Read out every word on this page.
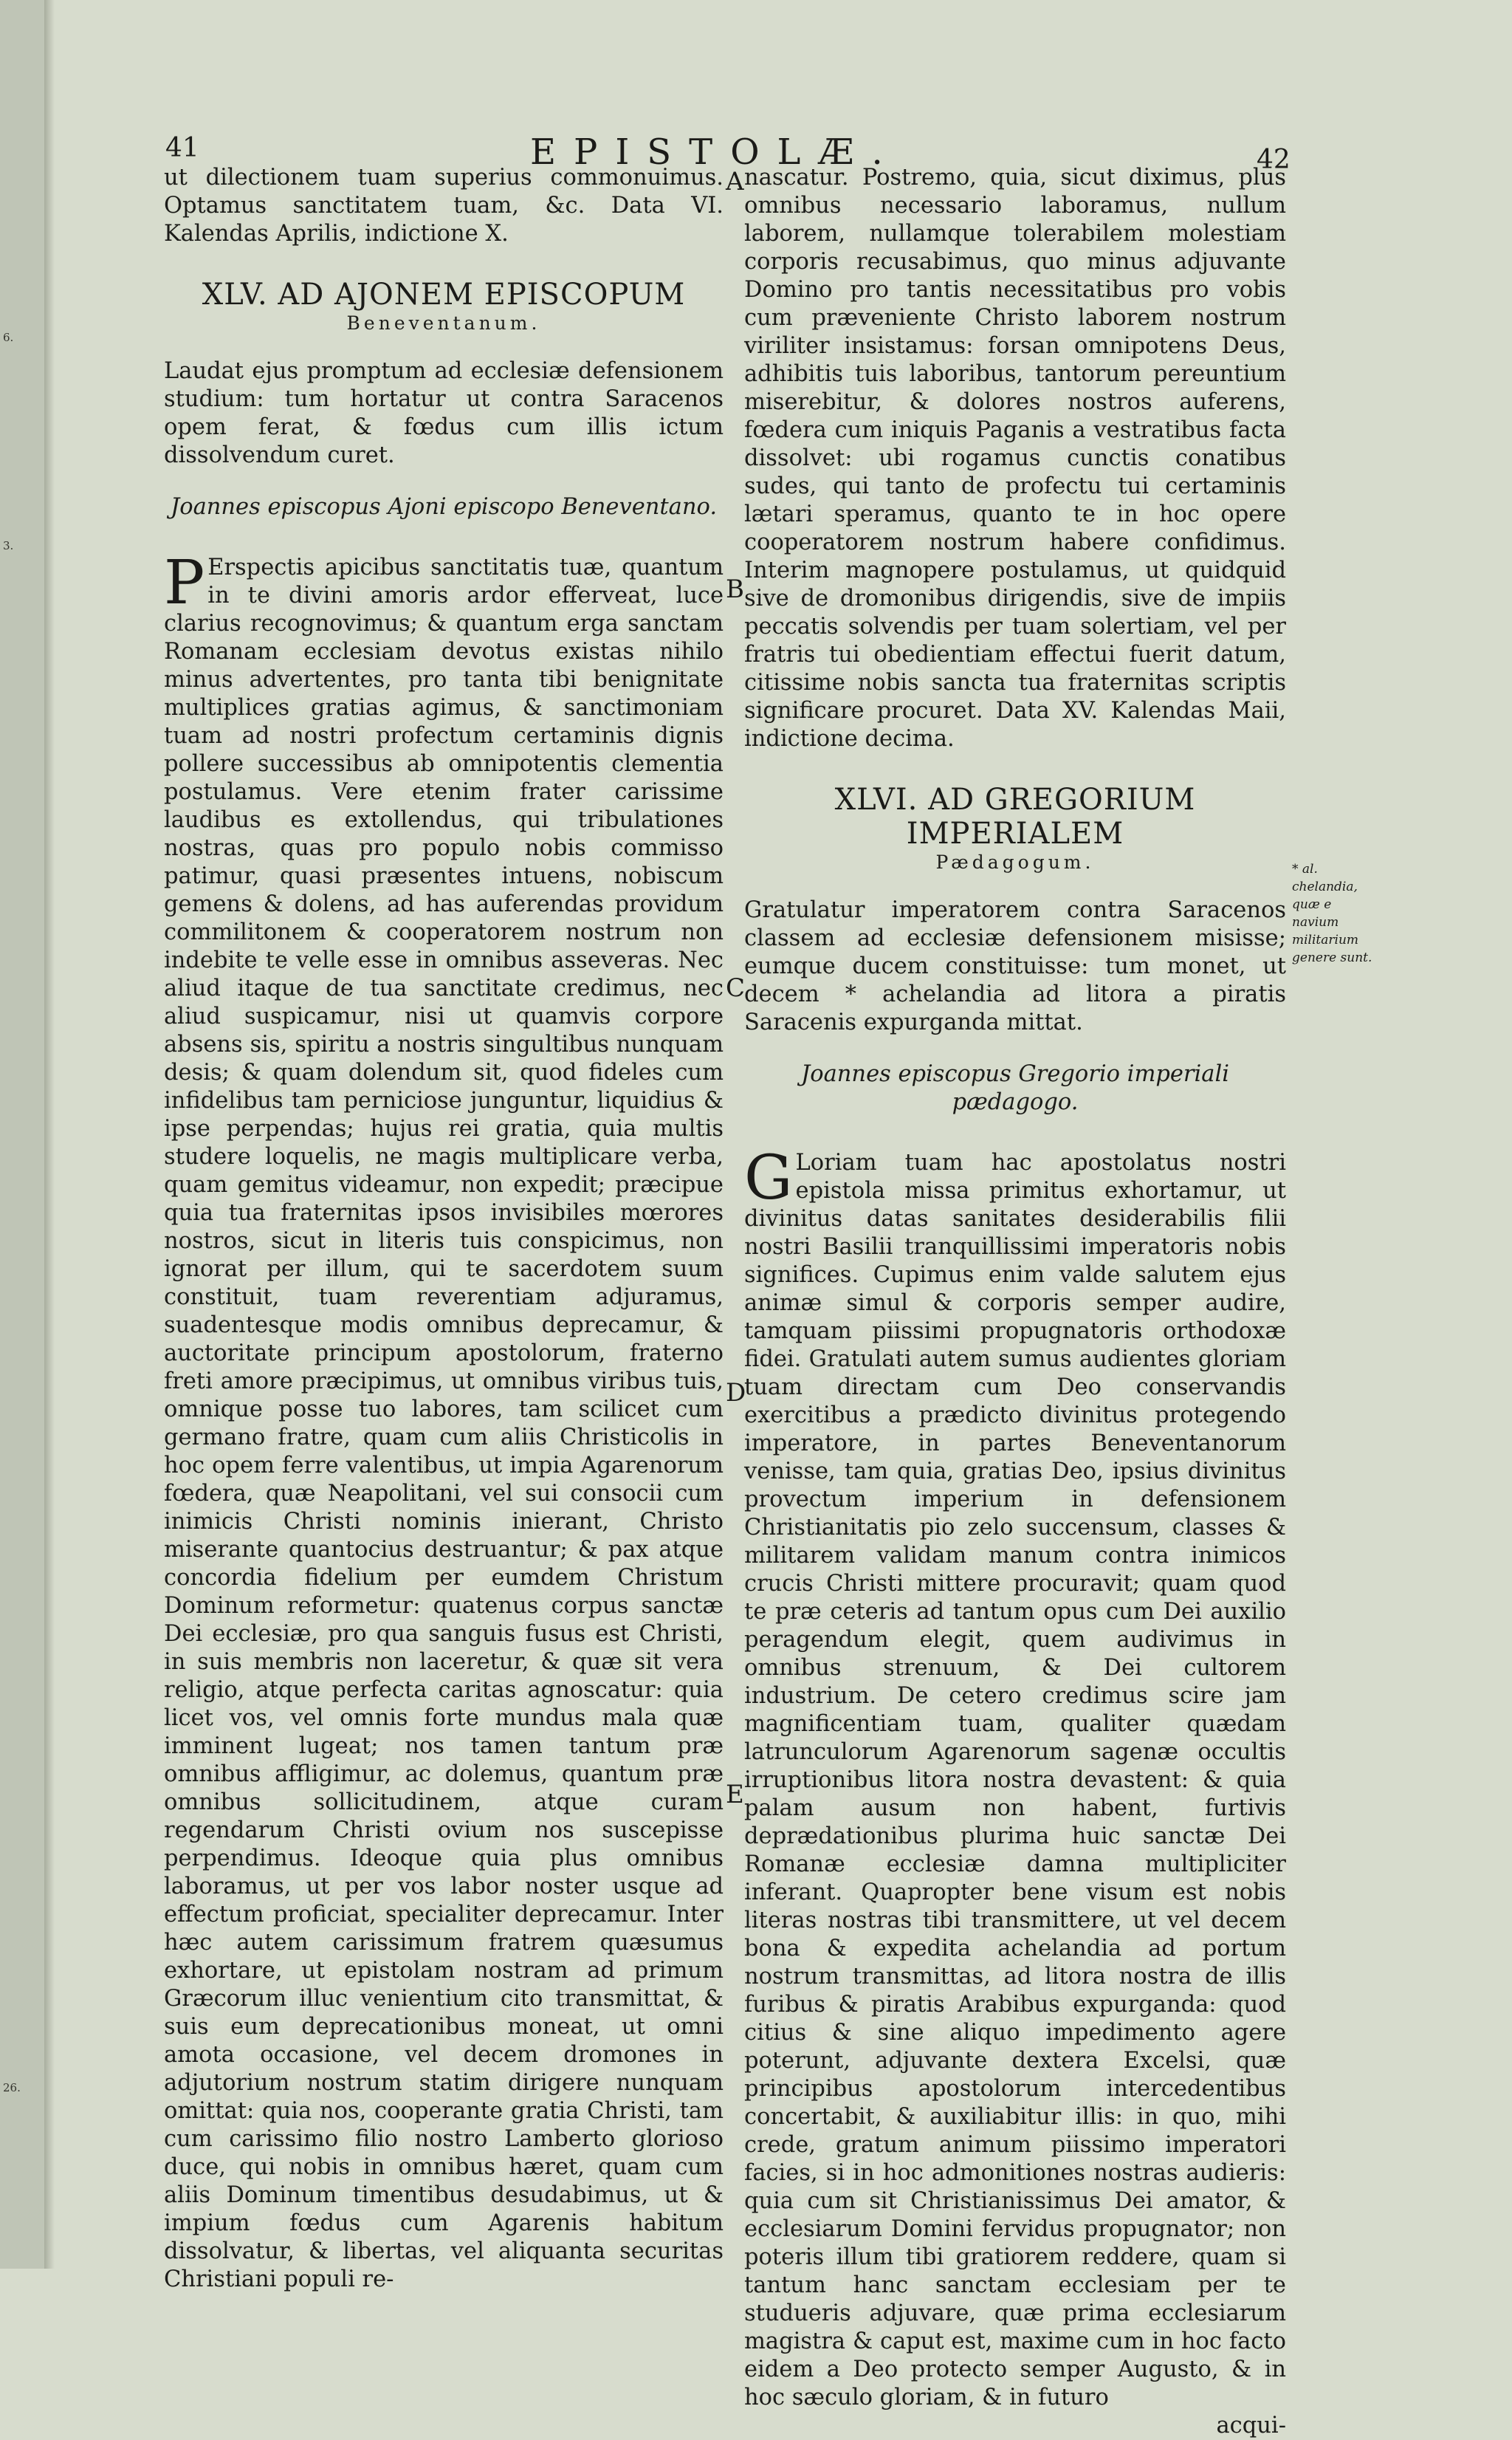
6.
3.
26.
41	EPISTOLÆ.	42

ut dilectionem tuam superius commonuimus. Optamus sanctitatem tuam, &c. Data VI. Kalendas Aprilis, indictione X.

XLV. AD AJONEM EPISCOPUM
Beneventanum.

Laudat ejus promptum ad ecclesiæ defensionem studium: tum hortatur ut contra Saracenos opem ferat, & fœdus cum illis ictum dissolvendum curet.

Joannes episcopus Ajoni episcopo Beneventano.

P Erspectis apicibus sanctitatis tuæ, quantum in te divini amoris ardor efferveat, luce clarius recognovimus; & quantum erga sanctam Romanam ecclesiam devotus existas nihilo minus advertentes, pro tanta tibi benignitate multiplices gratias agimus, & sanctimoniam tuam ad nostri profectum certaminis dignis pollere successibus ab omnipotentis clementia postulamus. Vere etenim frater carissime laudibus es extollendus, qui tribulationes nostras, quas pro populo nobis commisso patimur, quasi præsentes intuens, nobiscum gemens & dolens, ad has auferendas providum commilitonem & cooperatorem nostrum non indebite te velle esse in omnibus asseveras. Nec aliud itaque de tua sanctitate credimus, nec aliud suspicamur, nisi ut quamvis corpore absens sis, spiritu a nostris singultibus nunquam desis; & quam dolendum sit, quod fideles cum infidelibus tam perniciose junguntur, liquidius & ipse perpendas; hujus rei gratia, quia multis studere loquelis, ne magis multiplicare verba, quam gemitus videamur, non expedit; præcipue quia tua fraternitas ipsos invisibiles mœrores nostros, sicut in literis tuis conspicimus, non ignorat per illum, qui te sacerdotem suum constituit, tuam reverentiam adjuramus, suadentesque modis omnibus deprecamur, & auctoritate principum apostolorum, fraterno freti amore præcipimus, ut omnibus viribus tuis, omnique posse tuo labores, tam scilicet cum germano fratre, quam cum aliis Christicolis in hoc opem ferre valentibus, ut impia Agarenorum fœdera, quæ Neapolitani, vel sui consocii cum inimicis Christi nominis inierant, Christo miserante quantocius destruantur; & pax atque concordia fidelium per eumdem Christum Dominum reformetur: quatenus corpus sanctæ Dei ecclesiæ, pro qua sanguis fusus est Christi, in suis membris non laceretur, & quæ sit vera religio, atque perfecta caritas agnoscatur: quia licet vos, vel omnis forte mundus mala quæ imminent lugeat; nos tamen tantum præ omnibus affligimur, ac dolemus, quantum præ omnibus sollicitudinem, atque curam regendarum Christi ovium nos suscepisse perpendimus. Ideoque quia plus omnibus laboramus, ut per vos labor noster usque ad effectum proficiat, specialiter deprecamur. Inter hæc autem carissimum fratrem quæsumus exhortare, ut epistolam nostram ad primum Græcorum illuc venientium cito transmittat, & suis eum deprecationibus moneat, ut omni amota occasione, vel decem dromones in adjutorium nostrum statim dirigere nunquam omittat: quia nos, cooperante gratia Christi, tam cum carissimo filio nostro Lamberto glorioso duce, qui nobis in omnibus hæret, quam cum aliis Dominum timentibus desudabimus, ut & impium fœdus cum Agarenis habitum dissolvatur, & libertas, vel aliquanta securitas Christiani populi re-

nascatur. Postremo, quia, sicut diximus, plus omnibus necessario laboramus, nullum laborem, nullamque tolerabilem molestiam corporis recusabimus, quo minus adjuvante Domino pro tantis necessitatibus pro vobis cum præveniente Christo laborem nostrum viriliter insistamus: forsan omnipotens Deus, adhibitis tuis laboribus, tantorum pereuntium miserebitur, & dolores nostros auferens, fœdera cum iniquis Paganis a vestratibus facta dissolvet: ubi rogamus cunctis conatibus sudes, qui tanto de profectu tui certaminis lætari speramus, quanto te in hoc opere cooperatorem nostrum habere confidimus. Interim magnopere postulamus, ut quidquid sive de dromonibus dirigendis, sive de impiis peccatis solvendis per tuam solertiam, vel per fratris tui obedientiam effectui fuerit datum, citissime nobis sancta tua fraternitas scriptis significare procuret. Data XV. Kalendas Maii, indictione decima.

XLVI. AD GREGORIUM IMPERIALEM
Pædagogum.

Gratulatur imperatorem contra Saracenos classem ad ecclesiæ defensionem misisse; eumque ducem constituisse: tum monet, ut decem * achelandia ad litora a piratis Saracenis expurganda mittat.

Joannes episcopus Gregorio imperiali pædagogo.

G Loriam tuam hac apostolatus nostri epistola missa primitus exhortamur, ut divinitus datas sanitates desiderabilis filii nostri Basilii tranquillissimi imperatoris nobis significes. Cupimus enim valde salutem ejus animæ simul & corporis semper audire, tamquam piissimi propugnatoris orthodoxæ fidei. Gratulati autem sumus audientes gloriam tuam directam cum Deo conservandis exercitibus a prædicto divinitus protegendo imperatore, in partes Beneventanorum venisse, tam quia, gratias Deo, ipsius divinitus provectum imperium in defensionem Christianitatis pio zelo succensum, classes & militarem validam manum contra inimicos crucis Christi mittere procuravit; quam quod te præ ceteris ad tantum opus cum Dei auxilio peragendum elegit, quem audivimus in omnibus strenuum, & Dei cultorem industrium. De cetero credimus scire jam magnificentiam tuam, qualiter quædam latrunculorum Agarenorum sagenæ occultis irruptionibus litora nostra devastent: & quia palam ausum non habent, furtivis deprædationibus plurima huic sanctæ Dei Romanæ ecclesiæ damna multipliciter inferant. Quapropter bene visum est nobis literas nostras tibi transmittere, ut vel decem bona & expedita achelandia ad portum nostrum transmittas, ad litora nostra de illis furibus & piratis Arabibus expurganda: quod citius & sine aliquo impedimento agere poterunt, adjuvante dextera Excelsi, quæ principibus apostolorum intercedentibus concertabit, & auxiliabitur illis: in quo, mihi crede, gratum animum piissimo imperatori facies, si in hoc admonitiones nostras audieris: quia cum sit Christianissimus Dei amator, & ecclesiarum Domini fervidus propugnator; non poteris illum tibi gratiorem reddere, quam si tantum hanc sanctam ecclesiam per te studueris adjuvare, quæ prima ecclesiarum magistra & caput est, maxime cum in hoc facto eidem a Deo protecto semper Augusto, & in hoc sæculo gloriam, & in futuro

acqui-
A
B
C
D
E
* al. chelandia, quæ e navium militarium genere sunt.
